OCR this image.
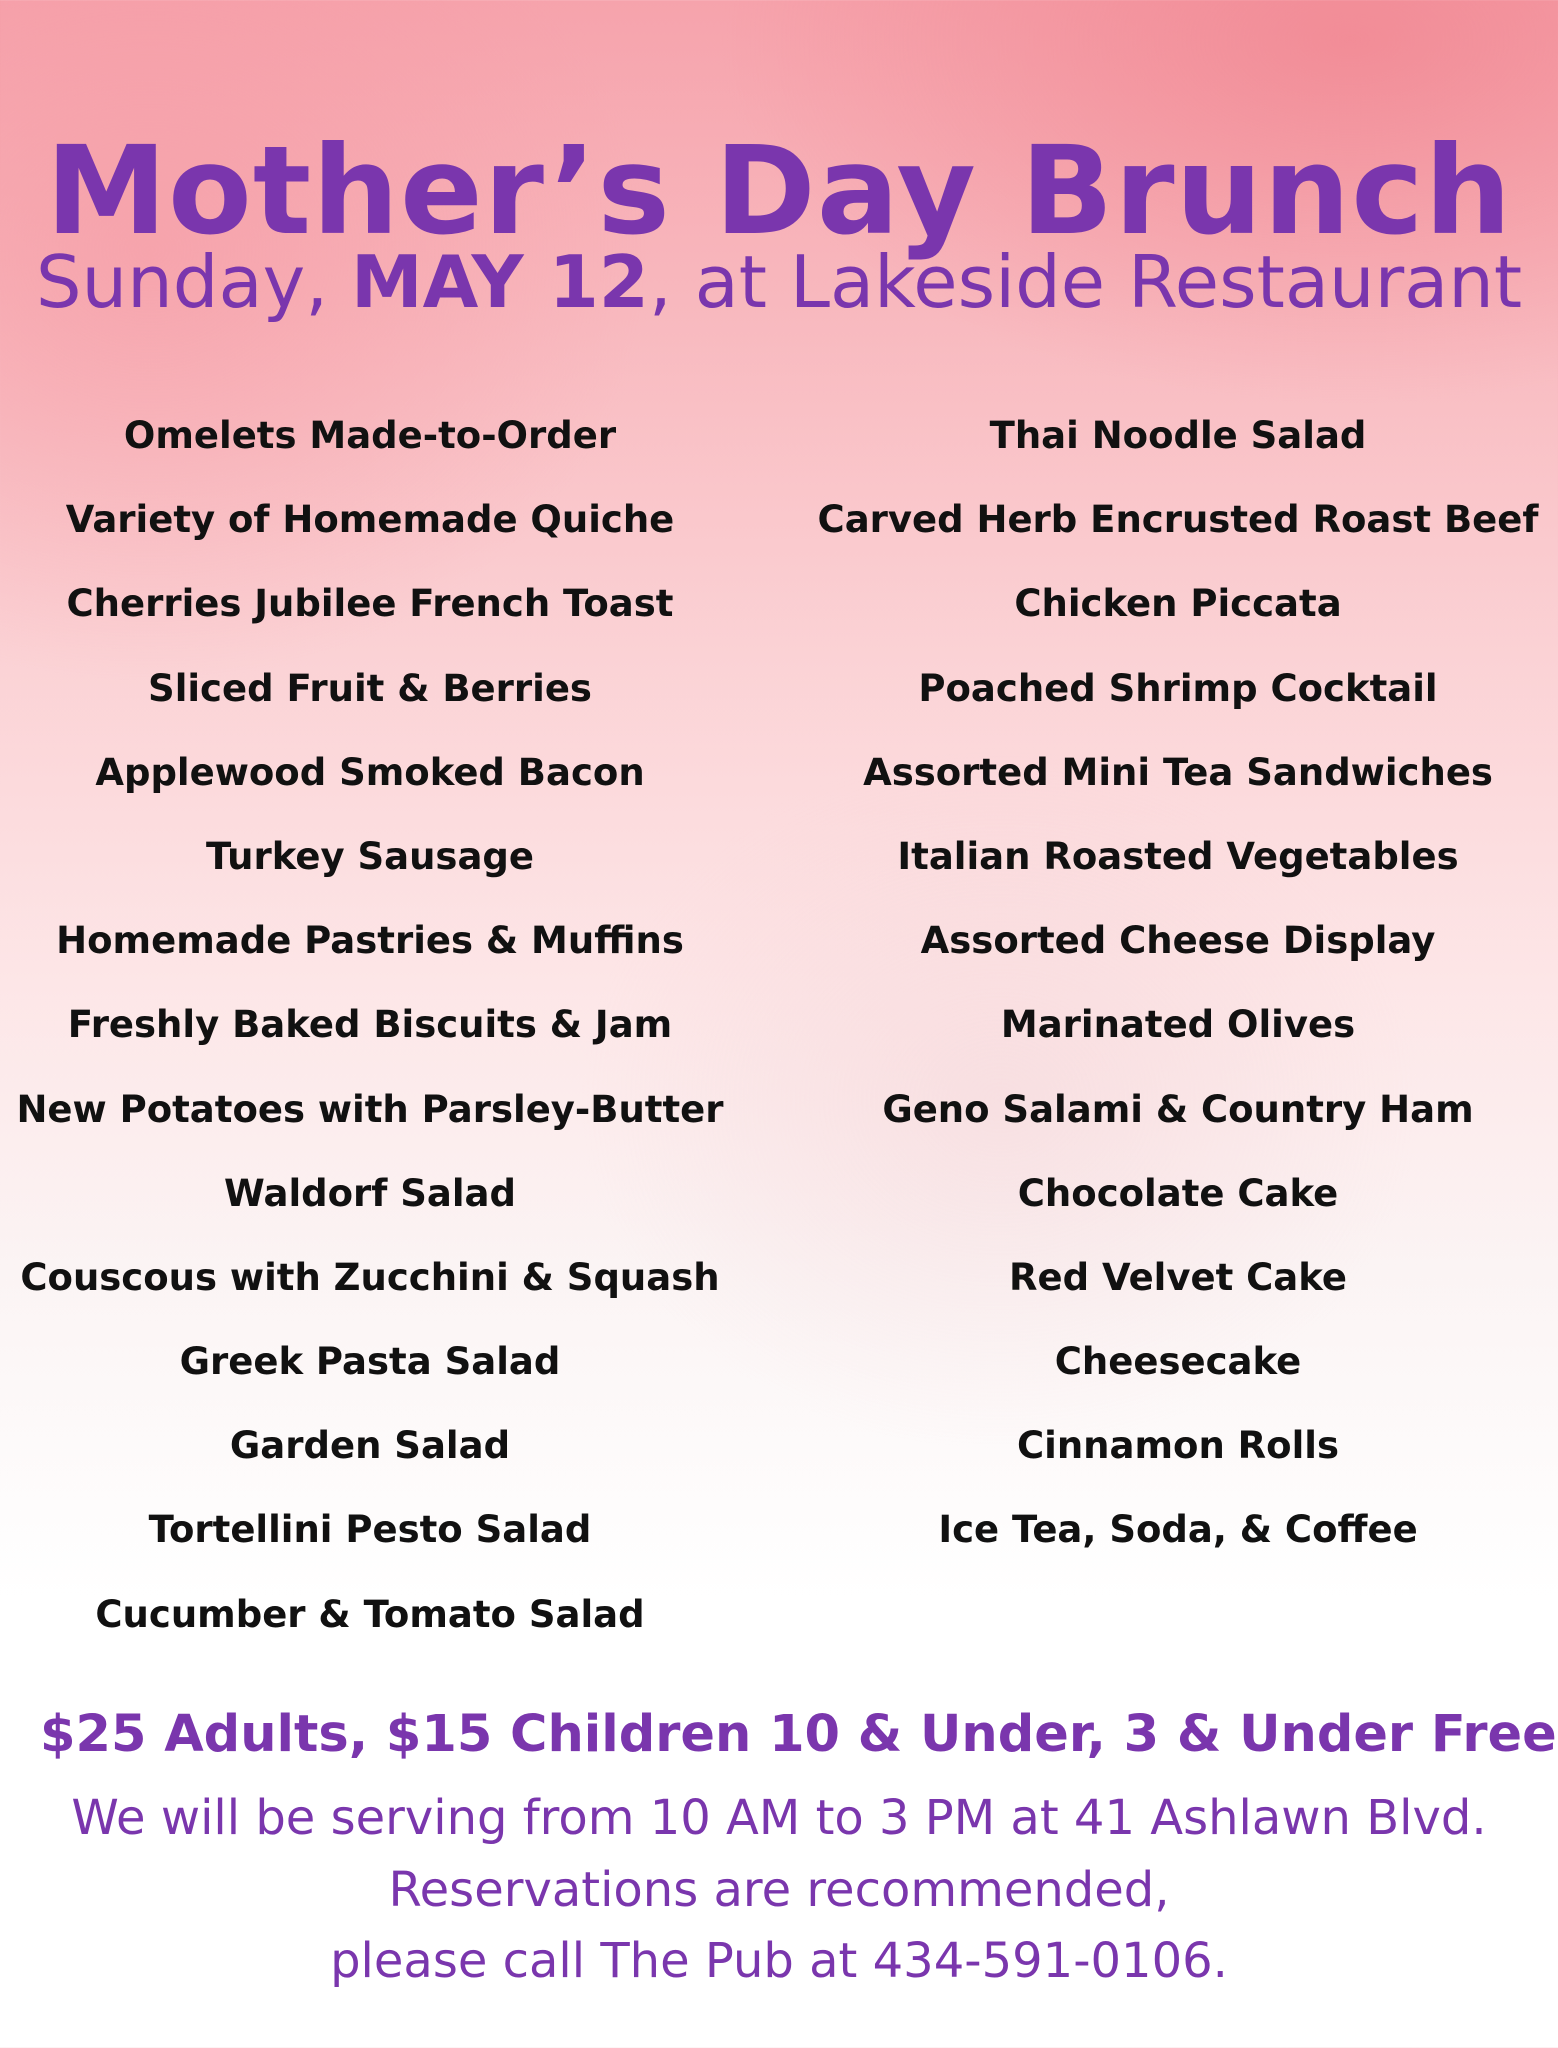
Mother’s Day Brunch
Sunday, MAY 12, at Lakeside Restaurant
Omelets Made-to-Order
Variety of Homemade Quiche
Cherries Jubilee French Toast
Sliced Fruit & Berries
Applewood Smoked Bacon
Turkey Sausage
Homemade Pastries & Muffins
Freshly Baked Biscuits & Jam
New Potatoes with Parsley-Butter
Waldorf Salad
Couscous with Zucchini & Squash
Greek Pasta Salad
Garden Salad
Tortellini Pesto Salad
Cucumber & Tomato Salad
Thai Noodle Salad
Carved Herb Encrusted Roast Beef
Chicken Piccata
Poached Shrimp Cocktail
Assorted Mini Tea Sandwiches
Italian Roasted Vegetables
Assorted Cheese Display
Marinated Olives
Geno Salami & Country Ham
Chocolate Cake
Red Velvet Cake
Cheesecake
Cinnamon Rolls
Ice Tea, Soda, & Coffee
$25 Adults, $15 Children 10 & Under, 3 & Under Free
We will be serving from 10 AM to 3 PM at 41 Ashlawn Blvd.
Reservations are recommended,
please call The Pub at 434-591-0106.
